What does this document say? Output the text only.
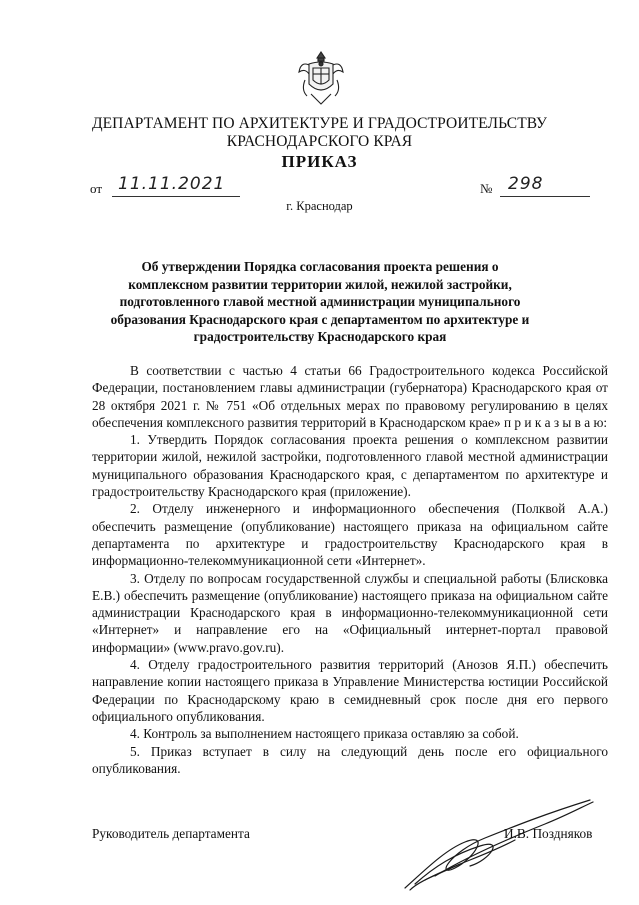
ДЕПАРТАМЕНТ ПО АРХИТЕКТУРЕ И ГРАДОСТРОИТЕЛЬСТВУ
КРАСНОДАРСКОГО КРАЯ
ПРИКАЗ
от 11.11.2021	№ 298
г. Краснодар
Об утверждении Порядка согласования проекта решения о комплексном развитии территории жилой, нежилой застройки, подготовленного главой местной администрации муниципального образования Краснодарского края с департаментом по архитектуре и градостроительству Краснодарского края

В соответствии с частью 4 статьи 66 Градостроительного кодекса Российской Федерации, постановлением главы администрации (губернатора) Краснодарского края от 28 октября 2021 г. № 751 «Об отдельных мерах по правовому регулированию в целях обеспечения комплексного развития территорий в Краснодарском крае» п р и к а з ы в а ю:

1. Утвердить Порядок согласования проекта решения о комплексном развитии территории жилой, нежилой застройки, подготовленного главой местной администрации муниципального образования Краснодарского края, с департаментом по архитектуре и градостроительству Краснодарского края (приложение).

2. Отделу инженерного и информационного обеспечения (Полквой А.А.) обеспечить размещение (опубликование) настоящего приказа на официальном сайте департамента по архитектуре и градостроительству Краснодарского края в информационно-телекоммуникационной сети «Интернет».

3. Отделу по вопросам государственной службы и специальной работы (Блисковка Е.В.) обеспечить размещение (опубликование) настоящего приказа на официальном сайте администрации Краснодарского края в информационно-телекоммуникационной сети «Интернет» и направление его на «Официальный интернет-портал правовой информации» (www.pravo.gov.ru).

4. Отделу градостроительного развития территорий (Анозов Я.П.) обеспечить направление копии настоящего приказа в Управление Министерства юстиции Российской Федерации по Краснодарскому краю в семидневный срок после дня его первого официального опубликования.

4. Контроль за выполнением настоящего приказа оставляю за собой.

5. Приказ вступает в силу на следующий день после его официального опубликования.

Руководитель департамента	И.В. Поздняков
